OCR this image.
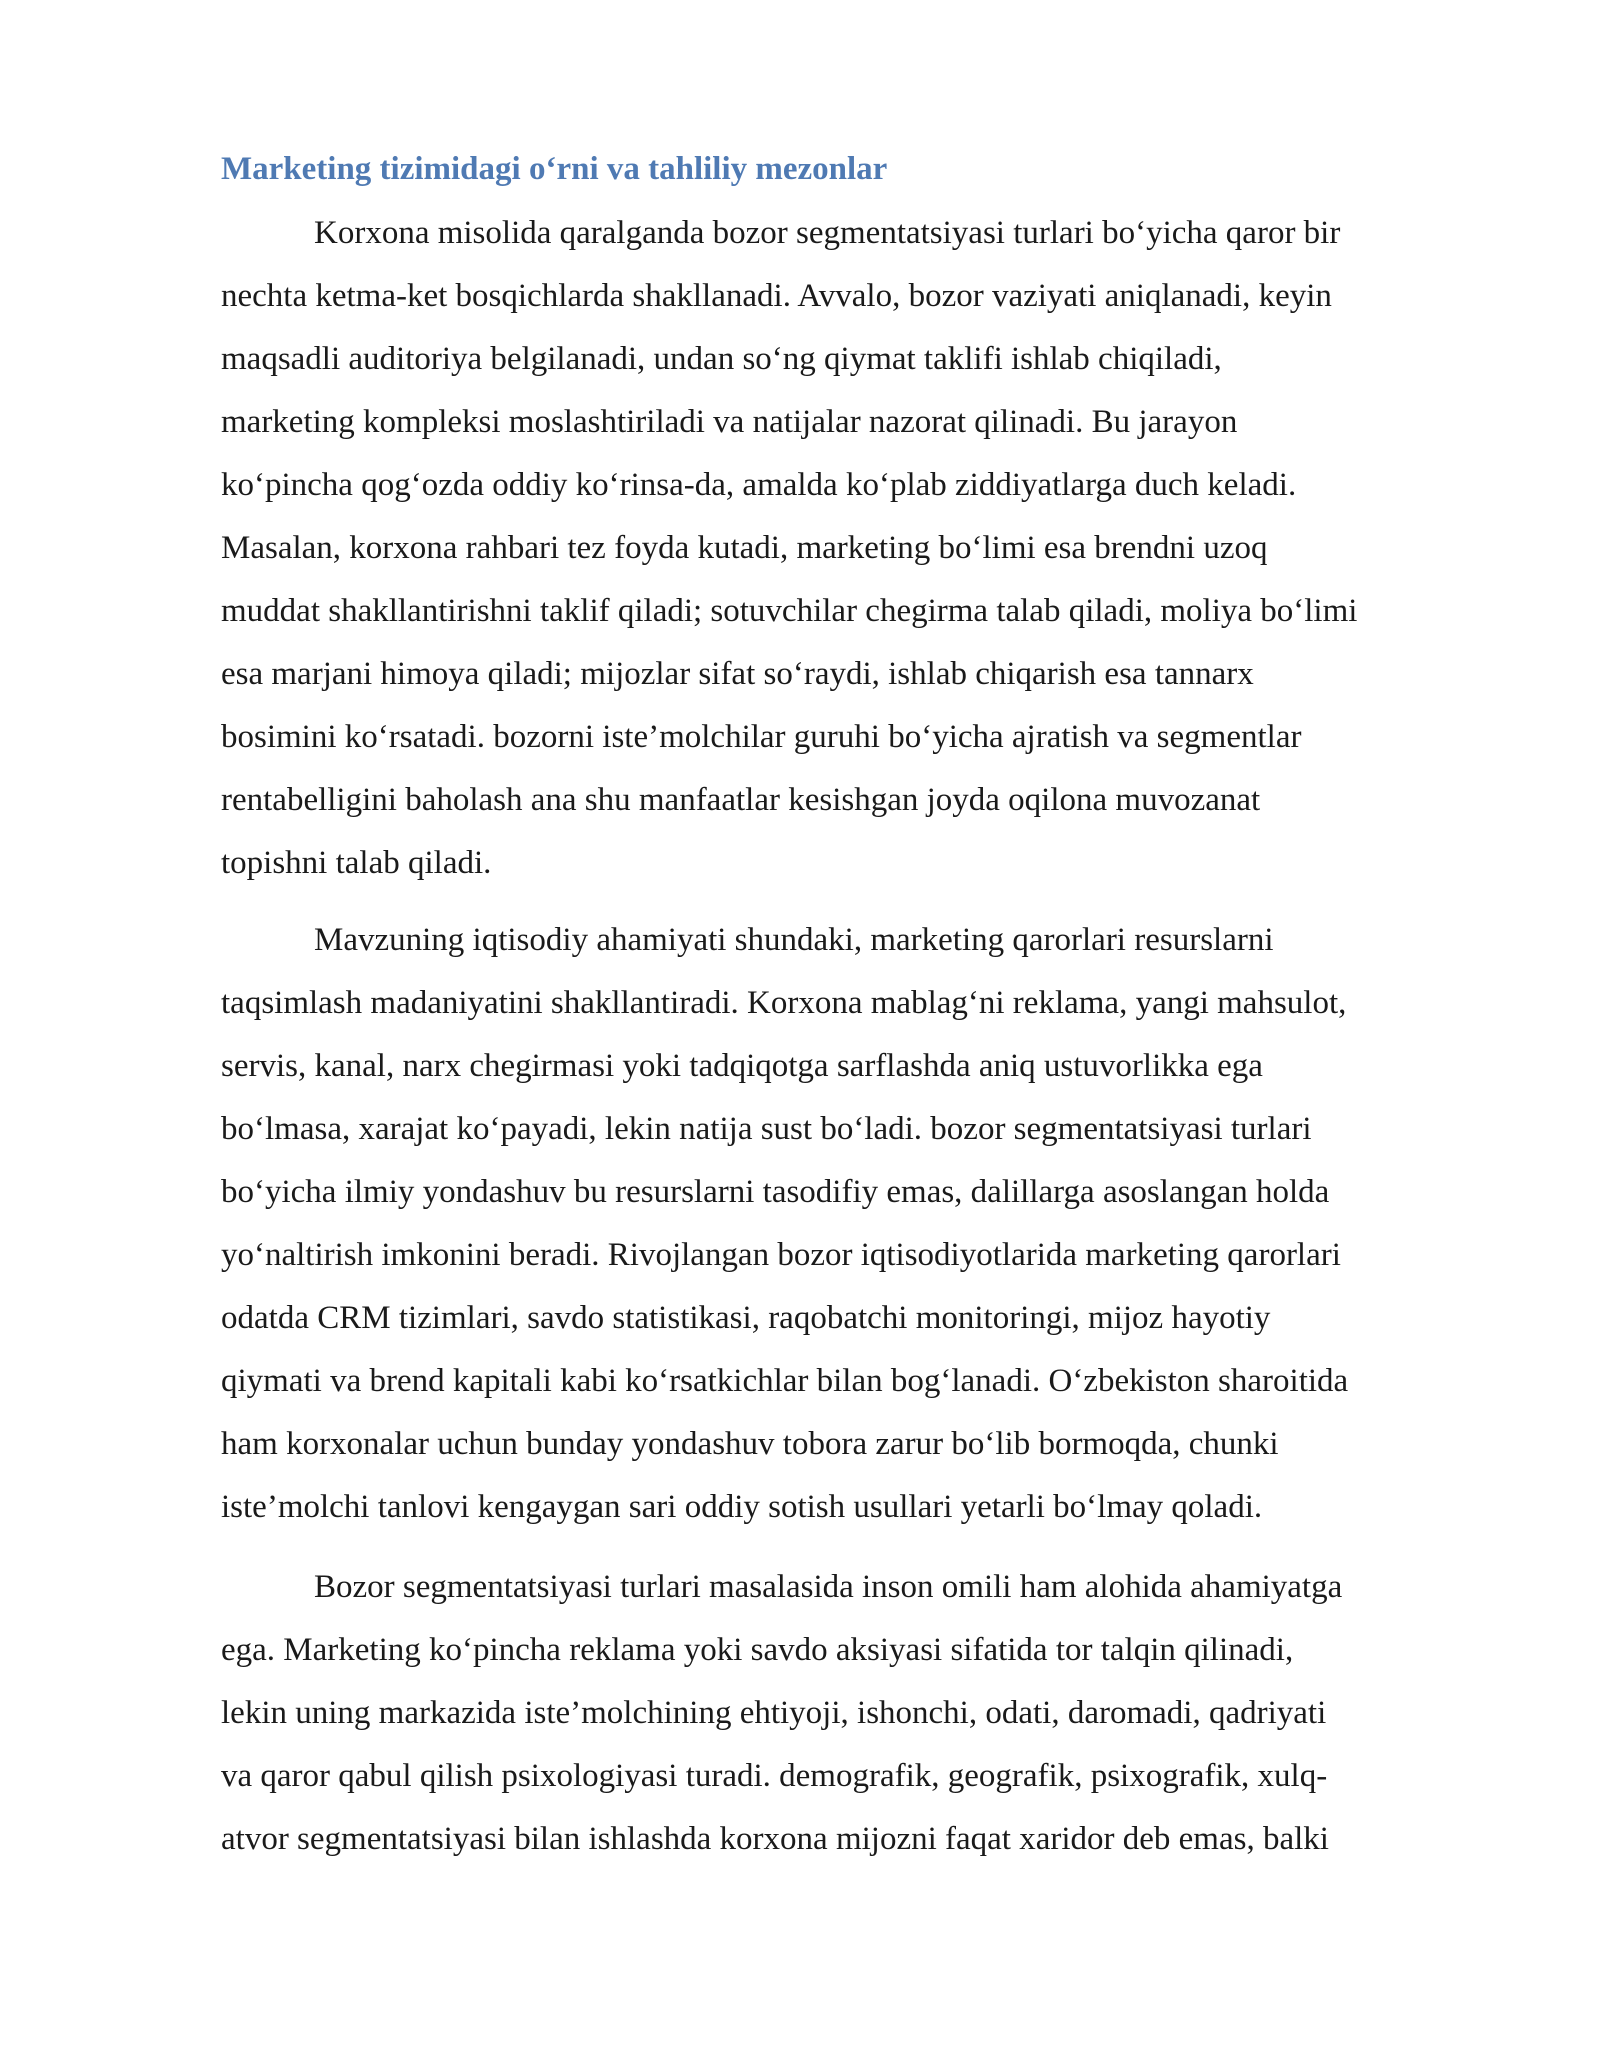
Marketing tizimidagi o‘rni va tahliliy mezonlar
Korxona misolida qaralganda bozor segmentatsiyasi turlari bo‘yicha qaror bir
nechta ketma-ket bosqichlarda shakllanadi. Avvalo, bozor vaziyati aniqlanadi, keyin
maqsadli auditoriya belgilanadi, undan so‘ng qiymat taklifi ishlab chiqiladi,
marketing kompleksi moslashtiriladi va natijalar nazorat qilinadi. Bu jarayon
ko‘pincha qog‘ozda oddiy ko‘rinsa-da, amalda ko‘plab ziddiyatlarga duch keladi.
Masalan, korxona rahbari tez foyda kutadi, marketing bo‘limi esa brendni uzoq
muddat shakllantirishni taklif qiladi; sotuvchilar chegirma talab qiladi, moliya bo‘limi
esa marjani himoya qiladi; mijozlar sifat so‘raydi, ishlab chiqarish esa tannarx
bosimini ko‘rsatadi. bozorni iste’molchilar guruhi bo‘yicha ajratish va segmentlar
rentabelligini baholash ana shu manfaatlar kesishgan joyda oqilona muvozanat
topishni talab qiladi.
Mavzuning iqtisodiy ahamiyati shundaki, marketing qarorlari resurslarni
taqsimlash madaniyatini shakllantiradi. Korxona mablag‘ni reklama, yangi mahsulot,
servis, kanal, narx chegirmasi yoki tadqiqotga sarflashda aniq ustuvorlikka ega
bo‘lmasa, xarajat ko‘payadi, lekin natija sust bo‘ladi. bozor segmentatsiyasi turlari
bo‘yicha ilmiy yondashuv bu resurslarni tasodifiy emas, dalillarga asoslangan holda
yo‘naltirish imkonini beradi. Rivojlangan bozor iqtisodiyotlarida marketing qarorlari
odatda CRM tizimlari, savdo statistikasi, raqobatchi monitoringi, mijoz hayotiy
qiymati va brend kapitali kabi ko‘rsatkichlar bilan bog‘lanadi. O‘zbekiston sharoitida
ham korxonalar uchun bunday yondashuv tobora zarur bo‘lib bormoqda, chunki
iste’molchi tanlovi kengaygan sari oddiy sotish usullari yetarli bo‘lmay qoladi.
Bozor segmentatsiyasi turlari masalasida inson omili ham alohida ahamiyatga
ega. Marketing ko‘pincha reklama yoki savdo aksiyasi sifatida tor talqin qilinadi,
lekin uning markazida iste’molchining ehtiyoji, ishonchi, odati, daromadi, qadriyati
va qaror qabul qilish psixologiyasi turadi. demografik, geografik, psixografik, xulq-
atvor segmentatsiyasi bilan ishlashda korxona mijozni faqat xaridor deb emas, balki
